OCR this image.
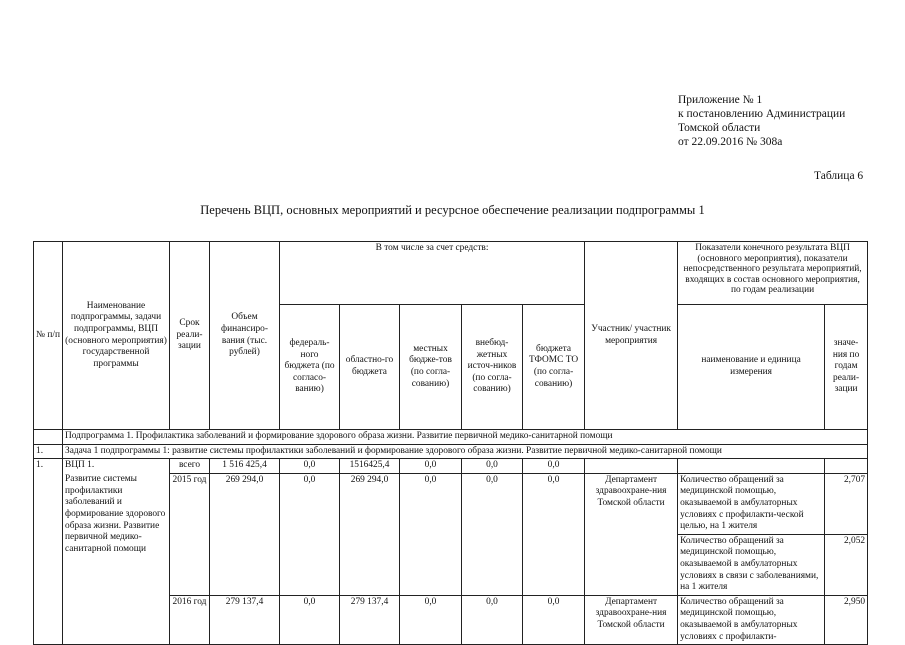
Приложение № 1
к постановлению Администрации
Томской области
от 22.09.2016 № 308а
Таблица 6
Перечень ВЦП, основных мероприятий и ресурсное обеспечение реализации подпрограммы 1
№ п/п	Наименование подпрограммы, задачи подпрограммы, ВЦП (основного мероприятия) государственной программы	Срок реали-зации	Объем финансиро-вания (тыс. рублей)	В том числе за счет средств:					Участник/ участник мероприятия	Показатели конечного результата ВЦП (основного мероприятия), показатели непосредственного результата мероприятий, входящих в состав основного мероприятия, по годам реализации	
				федераль-ного бюджета (по согласо-ванию)	областно-го бюджета	местных бюдже-тов (по согла-сованию)	внебюд-жетных источ-ников (по согла-сованию)	бюджета ТФОМС ТО (по согла-сованию)		наименование и единица измерения	значе-ния по годам реали-зации
	Подпрограмма 1. Профилактика заболеваний и формирование здорового образа жизни. Развитие первичной медико-санитарной помощи										
1.	Задача 1 подпрограммы 1: развитие системы профилактики заболеваний и формирование здорового образа жизни. Развитие первичной медико-санитарной помощи										
1.	ВЦП 1.	всего	1 516 425,4	0,0	1516425,4	0,0	0,0	0,0			
	Развитие системы профилактики заболеваний и формирование здорового образа жизни. Развитие первичной медико-санитарной помощи	2015 год	269 294,0	0,0	269 294,0	0,0	0,0	0,0	Департамент здравоохране-ния Томской области	Количество обращений за медицинской помощью, оказываемой в амбулаторных условиях с профилакти-ческой целью, на 1 жителя	2,707
										Количество обращений за медицинской помощью, оказываемой в амбулаторных условиях в связи с заболеваниями, на 1 жителя	2,052
		2016 год	279 137,4	0,0	279 137,4	0,0	0,0	0,0	Департамент здравоохране-ния Томской области	Количество обращений за медицинской помощью, оказываемой в амбулаторных условиях с профилакти-	2,950
